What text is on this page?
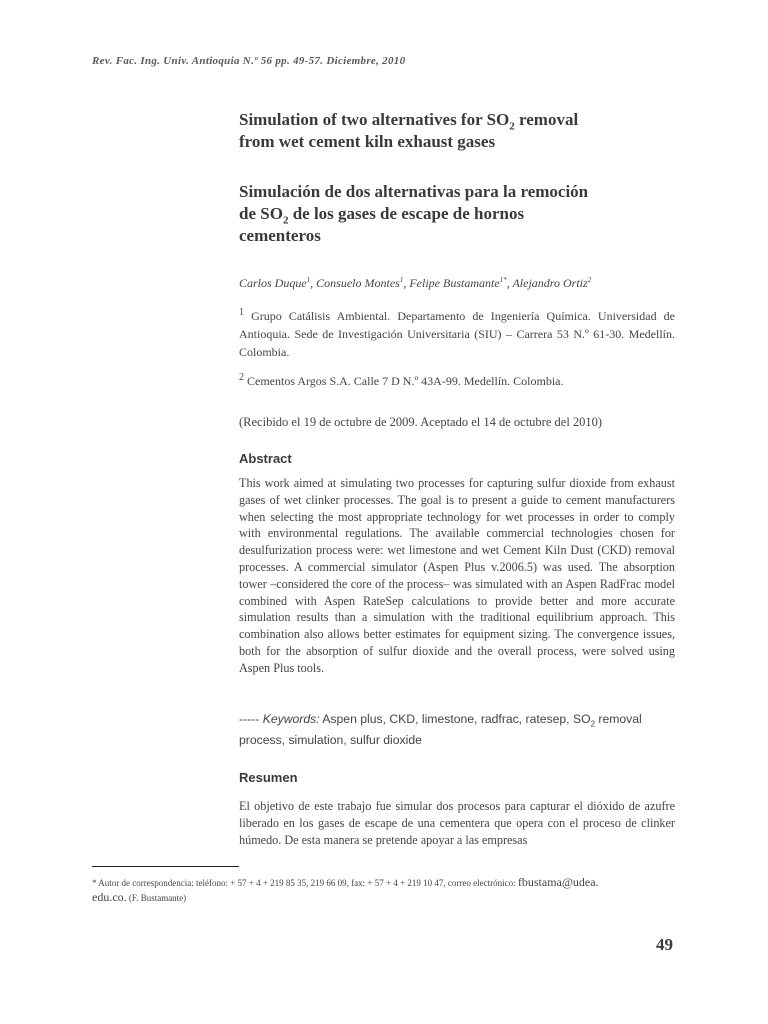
Rev. Fac. Ing. Univ. Antioquia N.º 56 pp. 49-57. Diciembre, 2010
Simulation of two alternatives for $SO_2$ removal
from wet cement kiln exhaust gases
Simulación de dos alternativas para la remoción
de $SO_2$ de los gases de escape de hornos
cementeros
Carlos Duque$^1$, Consuelo Montes$^1$, Felipe Bustamante$^{1*}$, Alejandro Ortiz$^2$
$^1$ Grupo Catálisis Ambiental. Departamento de Ingeniería Química. Universidad de Antioquia. Sede de Investigación Universitaria (SIU) – Carrera 53 N.º 61-30. Medellín. Colombia.
$^2$ Cementos Argos S.A. Calle 7 D N.º 43A-99. Medellín. Colombia.
(Recibido el 19 de octubre de 2009. Aceptado el 14 de octubre del 2010)
Abstract
This work aimed at simulating two processes for capturing sulfur dioxide from exhaust gases of wet clinker processes. The goal is to present a guide to cement manufacturers when selecting the most appropriate technology for wet processes in order to comply with environmental regulations. The available commercial technologies chosen for desulfurization process were: wet limestone and wet Cement Kiln Dust (CKD) removal processes. A commercial simulator (Aspen Plus v.2006.5) was used. The absorption tower –considered the core of the process– was simulated with an Aspen RadFrac model combined with Aspen RateSep calculations to provide better and more accurate simulation results than a simulation with the traditional equilibrium approach. This combination also allows better estimates for equipment sizing. The convergence issues, both for the absorption of sulfur dioxide and the overall process, were solved using Aspen Plus tools.
----- Keywords: Aspen plus, CKD, limestone, radfrac, ratesep, $SO_2$ removal process, simulation, sulfur dioxide
Resumen
El objetivo de este trabajo fue simular dos procesos para capturar el dióxido de azufre liberado en los gases de escape de una cementera que opera con el proceso de clinker húmedo. De esta manera se pretende apoyar a las empresas
* Autor de correspondencia: teléfono: + 57 + 4 + 219 85 35, 219 66 09, fax: + 57 + 4 + 219 10 47, correo electrónico: fbustama@udea.
edu.co. (F. Bustamante)
49
